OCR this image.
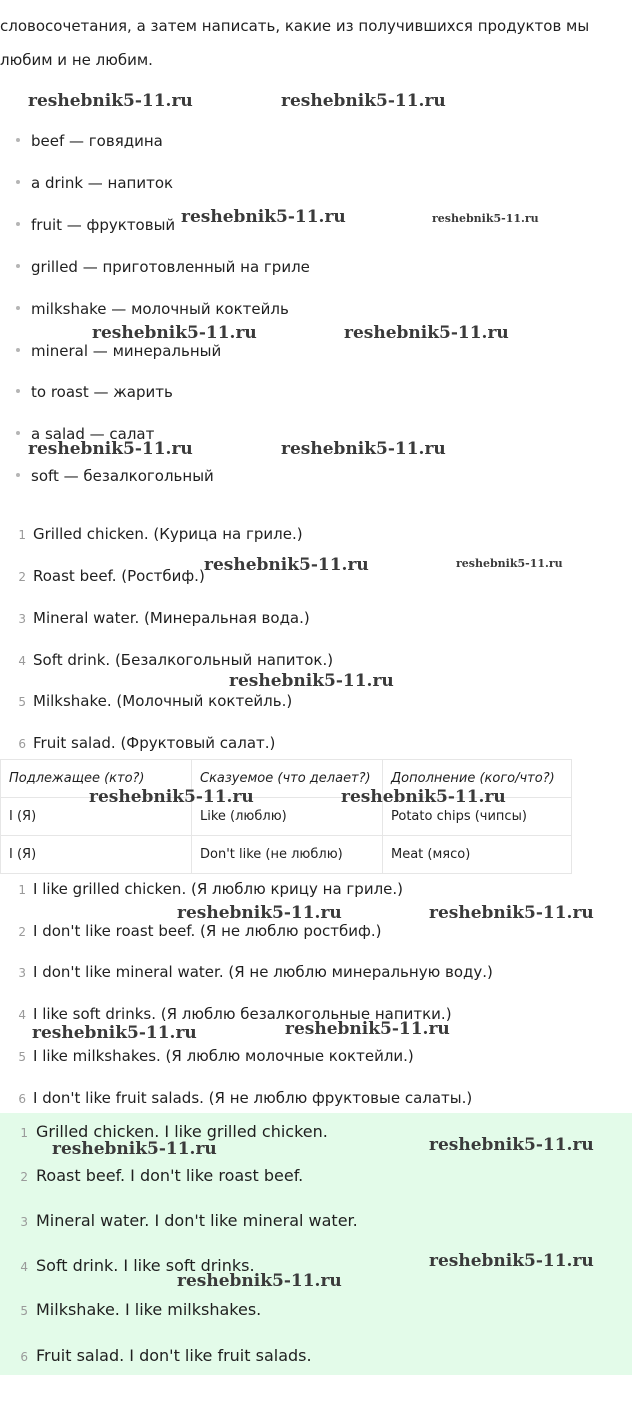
словосочетания, а затем написать, какие из получившихся продуктов мы
любим и не любим.
beef — говядина
a drink — напиток
fruit — фруктовый
grilled — приготовленный на гриле
milkshake — молочный коктейль
mineral — минеральный
to roast — жарить
a salad — салат
soft — безалкогольный
1 Grilled chicken. (Курица на гриле.)
2 Roast beef. (Ростбиф.)
3 Mineral water. (Минеральная вода.)
4 Soft drink. (Безалкогольный напиток.)
5 Milkshake. (Молочный коктейль.)
6 Fruit salad. (Фруктовый салат.)
Подлежащее (кто?)	Сказуемое (что делает?)	Дополнение (кого/что?)
I (Я)	Like (люблю)	Potato chips (чипсы)
I (Я)	Don't like (не люблю)	Meat (мясо)
1 I like grilled chicken. (Я люблю крицу на гриле.)
2 I don't like roast beef. (Я не люблю ростбиф.)
3 I don't like mineral water. (Я не люблю минеральную воду.)
4 I like soft drinks. (Я люблю безалкогольные напитки.)
5 I like milkshakes. (Я люблю молочные коктейли.)
6 I don't like fruit salads. (Я не люблю фруктовые салаты.)
1 Grilled chicken. I like grilled chicken.
2 Roast beef. I don't like roast beef.
3 Mineral water. I don't like mineral water.
4 Soft drink. I like soft drinks.
5 Milkshake. I like milkshakes.
6 Fruit salad. I don't like fruit salads.
reshebnik5-11.ru	reshebnik5-11.ru
reshebnik5-11.ru	reshebnik5-11.ru
reshebnik5-11.ru	reshebnik5-11.ru
reshebnik5-11.ru	reshebnik5-11.ru
reshebnik5-11.ru	reshebnik5-11.ru
reshebnik5-11.ru
reshebnik5-11.ru	reshebnik5-11.ru
reshebnik5-11.ru	reshebnik5-11.ru
reshebnik5-11.ru	reshebnik5-11.ru
reshebnik5-11.ru	reshebnik5-11.ru
reshebnik5-11.ru
reshebnik5-11.ru
